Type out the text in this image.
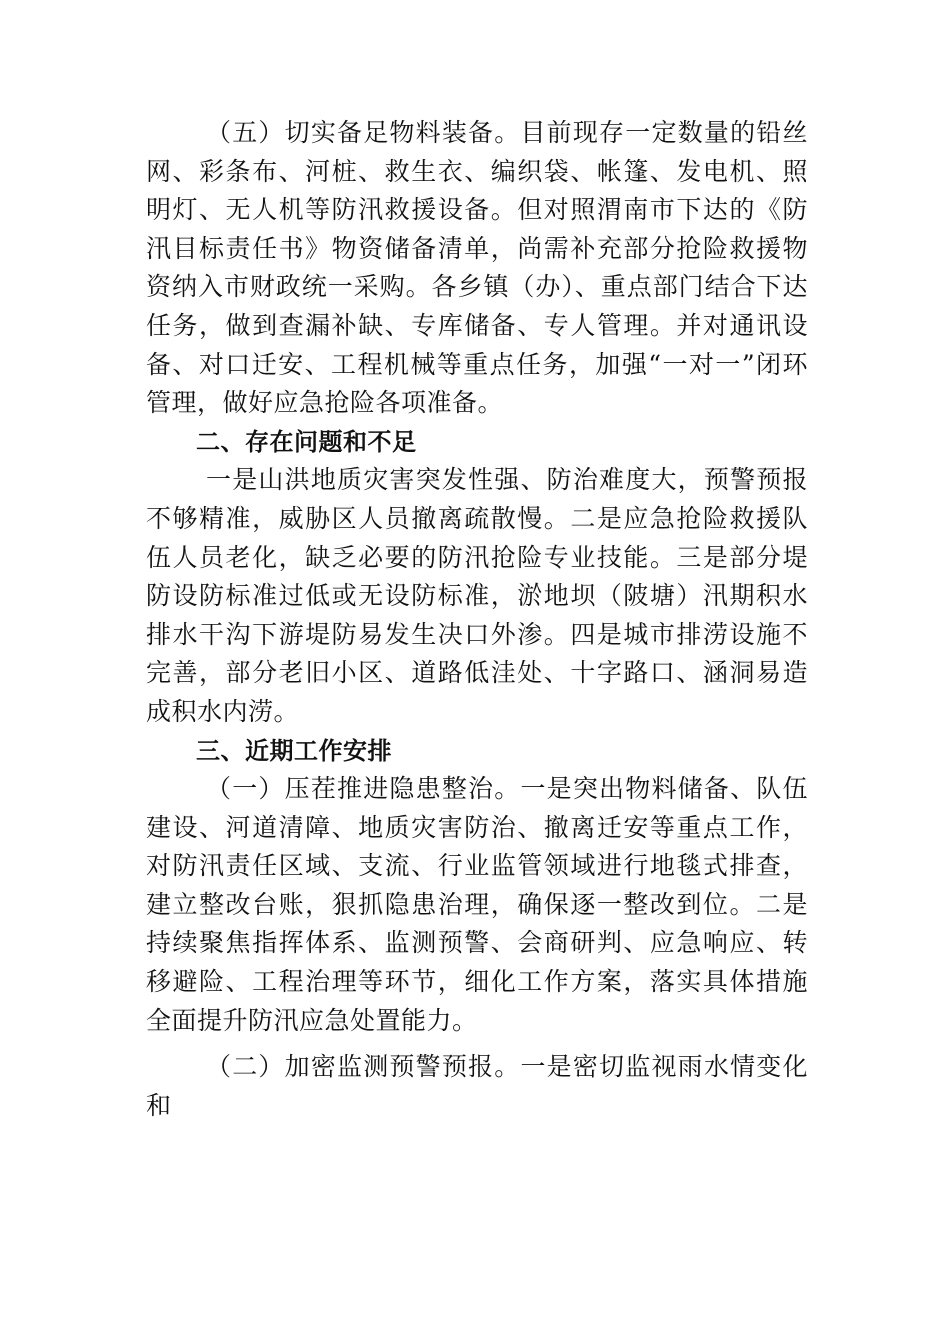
（五）切实备足物料装备。目前现存一定数量的铅丝网、彩条布、河桩、救生衣、编织袋、帐篷、发电机、照明灯、无人机等防汛救援设备。但对照渭南市下达的《防汛目标责任书》物资储备清单，尚需补充部分抢险救援物资纳入市财政统一采购。各乡镇（办）、重点部门结合下达任务，做到查漏补缺、专库储备、专人管理。并对通讯设备、对口迁安、工程机械等重点任务，加强“一对一”闭环管理，做好应急抢险各项准备。

二、存在问题和不足

一是山洪地质灾害突发性强、防治难度大，预警预报不够精准，威胁区人员撤离疏散慢。二是应急抢险救援队伍人员老化，缺乏必要的防汛抢险专业技能。三是部分堤防设防标准过低或无设防标准，淤地坝（陂塘）汛期积水排水干沟下游堤防易发生决口外渗。四是城市排涝设施不完善，部分老旧小区、道路低洼处、十字路口、涵洞易造成积水内涝。

三、近期工作安排

（一）压茬推进隐患整治。一是突出物料储备、队伍建设、河道清障、地质灾害防治、撤离迁安等重点工作，对防汛责任区域、支流、行业监管领域进行地毯式排查，建立整改台账，狠抓隐患治理，确保逐一整改到位。二是持续聚焦指挥体系、监测预警、会商研判、应急响应、转移避险、工程治理等环节，细化工作方案，落实具体措施全面提升防汛应急处置能力。

（二）加密监测预警预报。一是密切监视雨水情变化和
